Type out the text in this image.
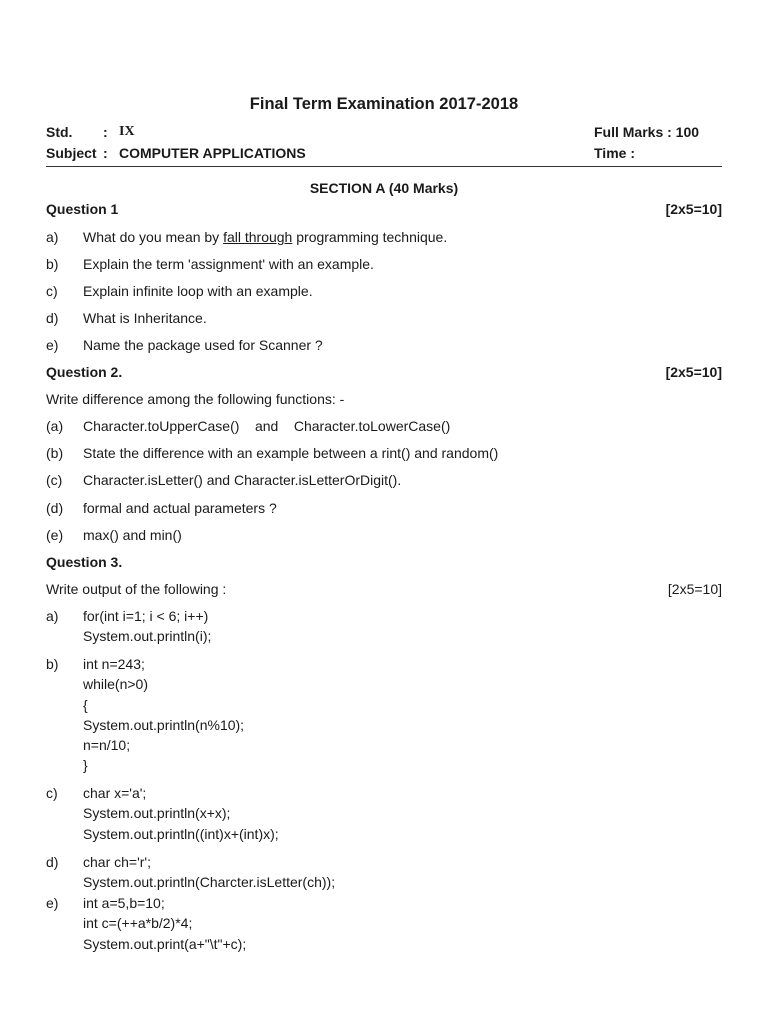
Final Term Examination 2017-2018
Std. : IX	Full Marks : 100
Subject : COMPUTER APPLICATIONS	Time :
SECTION A (40 Marks)
Question 1	[2x5=10]
a) What do you mean by fall through programming technique.
b) Explain the term 'assignment' with an example.
c) Explain infinite loop with an example.
d) What is Inheritance.
e) Name the package used for Scanner ?
Question 2.	[2x5=10]
Write difference among the following functions: -
(a) Character.toUpperCase()    and    Character.toLowerCase()
(b) State the difference with an example between a rint() and random()
(c) Character.isLetter() and Character.isLetterOrDigit().
(d) formal and actual parameters ?
(e) max() and min()
Question 3.
Write output of the following :	[2x5=10]
a) for(int i=1; i < 6; i++)
System.out.println(i);
b) int n=243;
while(n>0)
{
System.out.println(n%10);
n=n/10;
}
c) char x='a';
System.out.println(x+x);
System.out.println((int)x+(int)x);
d) char ch='r';
System.out.println(Charcter.isLetter(ch));
e) int a=5,b=10;
int c=(++a*b/2)*4;
System.out.print(a+"\t"+c);
